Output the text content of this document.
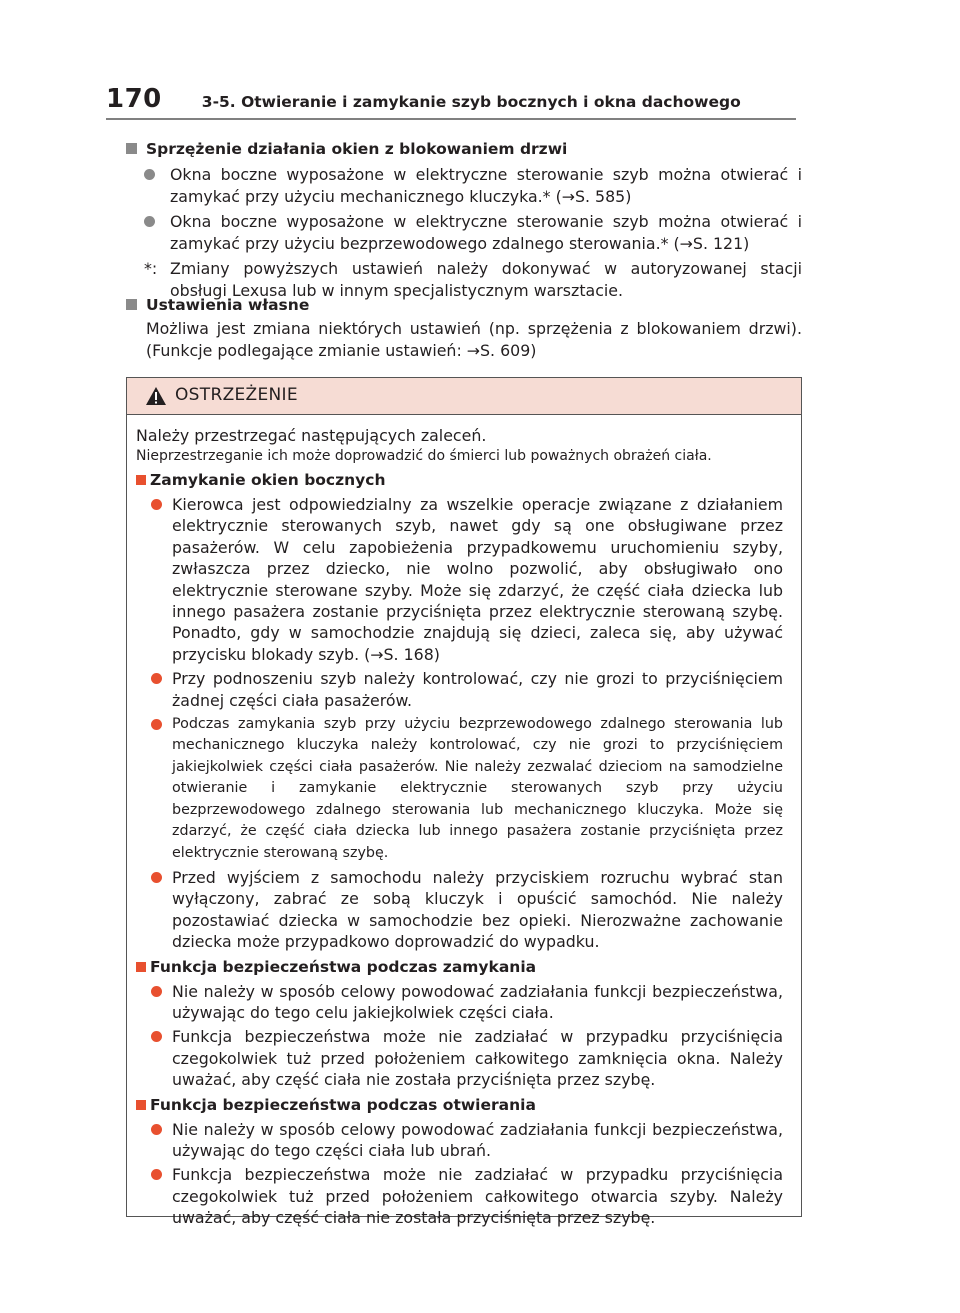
170	3-5. Otwieranie i zamykanie szyb bocznych i okna dachowego
Sprzężenie działania okien z blokowaniem drzwi
Okna boczne wyposażone w elektryczne sterowanie szyb można otwierać i zamykać przy użyciu mechanicznego kluczyka.* (→S. 585)
Okna boczne wyposażone w elektryczne sterowanie szyb można otwierać i zamykać przy użyciu bezprzewodowego zdalnego sterowania.* (→S. 121)
*: Zmiany powyższych ustawień należy dokonywać w autoryzowanej stacji obsługi Lexusa lub w innym specjalistycznym warsztacie.
Ustawienia własne
Możliwa jest zmiana niektórych ustawień (np. sprzężenia z blokowaniem drzwi). (Funkcje podlegające zmianie ustawień: →S. 609)
OSTRZEŻENIE
Należy przestrzegać następujących zaleceń.
Nieprzestrzeganie ich może doprowadzić do śmierci lub poważnych obrażeń ciała.
Zamykanie okien bocznych
Kierowca jest odpowiedzialny za wszelkie operacje związane z działaniem elektrycznie sterowanych szyb, nawet gdy są one obsługiwane przez pasażerów. W celu zapobieżenia przypadkowemu uruchomieniu szyby, zwłaszcza przez dziecko, nie wolno pozwolić, aby obsługiwało ono elektrycznie sterowane szyby. Może się zdarzyć, że część ciała dziecka lub innego pasażera zostanie przyciśnięta przez elektrycznie sterowaną szybę. Ponadto, gdy w samochodzie znajdują się dzieci, zaleca się, aby używać przycisku blokady szyb. (→S. 168)
Przy podnoszeniu szyb należy kontrolować, czy nie grozi to przyciśnięciem żadnej części ciała pasażerów.
Podczas zamykania szyb przy użyciu bezprzewodowego zdalnego sterowania lub mechanicznego kluczyka należy kontrolować, czy nie grozi to przyciśnięciem jakiejkolwiek części ciała pasażerów. Nie należy zezwalać dzieciom na samodzielne otwieranie i zamykanie elektrycznie sterowanych szyb przy użyciu bezprzewodowego zdalnego sterowania lub mechanicznego kluczyka. Może się zdarzyć, że część ciała dziecka lub innego pasażera zostanie przyciśnięta przez elektrycznie sterowaną szybę.
Przed wyjściem z samochodu należy przyciskiem rozruchu wybrać stan wyłączony, zabrać ze sobą kluczyk i opuścić samochód. Nie należy pozostawiać dziecka w samochodzie bez opieki. Nierozważne zachowanie dziecka może przypadkowo doprowadzić do wypadku.
Funkcja bezpieczeństwa podczas zamykania
Nie należy w sposób celowy powodować zadziałania funkcji bezpieczeństwa, używając do tego celu jakiejkolwiek części ciała.
Funkcja bezpieczeństwa może nie zadziałać w przypadku przyciśnięcia czegokolwiek tuż przed położeniem całkowitego zamknięcia okna. Należy uważać, aby część ciała nie została przyciśnięta przez szybę.
Funkcja bezpieczeństwa podczas otwierania
Nie należy w sposób celowy powodować zadziałania funkcji bezpieczeństwa, używając do tego części ciała lub ubrań.
Funkcja bezpieczeństwa może nie zadziałać w przypadku przyciśnięcia czegokolwiek tuż przed położeniem całkowitego otwarcia szyby. Należy uważać, aby część ciała nie została przyciśnięta przez szybę.
